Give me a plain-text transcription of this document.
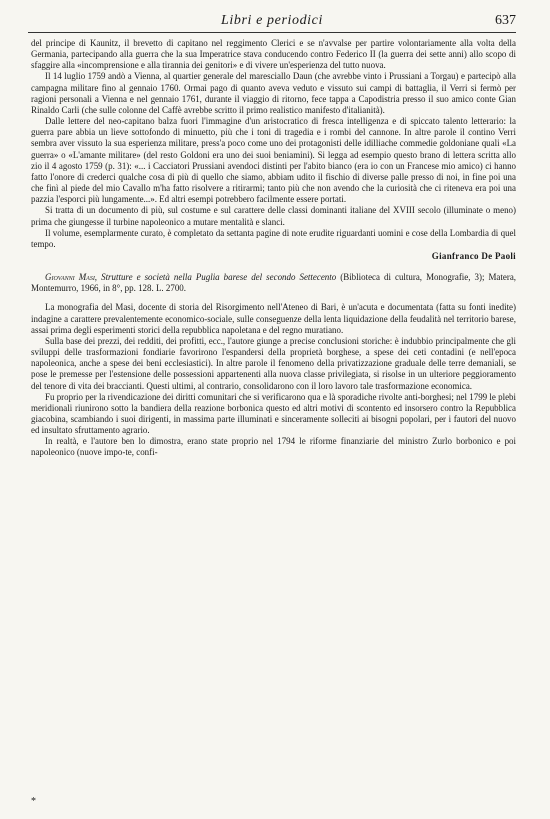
Libri e periodici	637

del principe di Kaunitz, il brevetto di capitano nel reggimento Clerici e se n'avvalse per partire volontariamente alla volta della Germania, partecipando alla guerra che la sua Imperatrice stava conducendo contro Federico II (la guerra dei sette anni) allo scopo di sfaggire alla «incomprensione e alla tirannia dei genitori» e di vivere un'esperienza del tutto nuova.

Il 14 luglio 1759 andò a Vienna, al quartier generale del maresciallo Daun (che avrebbe vinto i Prussiani a Torgau) e partecipò alla campagna militare fino al gennaio 1760. Ormai pago di quanto aveva veduto e vissuto sui campi di battaglia, il Verri si fermò per ragioni personali a Vienna e nel gennaio 1761, durante il viaggio di ritorno, fece tappa a Capodistria presso il suo amico conte Gian Rinaldo Carli (che sulle colonne del Caffè avrebbe scritto il primo realistico manifesto d'italianità).

Dalle lettere del neo-capitano balza fuori l'immagine d'un aristocratico di fresca intelligenza e di spiccato talento letterario: la guerra pare abbia un lieve sottofondo di minuetto, più che i toni di tragedia e i rombi del cannone. In altre parole il contino Verri sembra aver vissuto la sua esperienza militare, press'a poco come uno dei protagonisti delle idilliache commedie goldoniane quali «La guerra» o «L'amante militare» (del resto Goldoni era uno dei suoi beniamini). Si legga ad esempio questo brano di lettera scritta allo zio il 4 agosto 1759 (p. 31): «... i Cacciatori Prussiani avendoci distinti per l'abito bianco (era io con un Francese mio amico) ci hanno fatto l'onore di crederci qualche cosa di più di quello che siamo, abbiam udito il fischio di diverse palle presso di noi, in fine poi una che finì al piede del mio Cavallo m'ha fatto risolvere a ritirarmi; tanto più che non avendo che la curiosità che ci riteneva era poi una pazzia l'esporci più lungamente...». Ed altri esempi potrebbero facilmente essere portati.

Si tratta di un documento di più, sul costume e sul carattere delle classi dominanti italiane del XVIII secolo (illuminate o meno) prima che giungesse il turbine napoleonico a mutare mentalità e slanci.

Il volume, esemplarmente curato, è completato da settanta pagine di note erudite riguardanti uomini e cose della Lombardia di quel tempo.

Gianfranco De Paoli

Giovanni Masi, Strutture e società nella Puglia barese del secondo Settecento (Biblioteca di cultura, Monografie, 3); Matera, Montemurro, 1966, in 8°, pp. 128. L. 2700.

La monografia del Masi, docente di storia del Risorgimento nell'Ateneo di Bari, è un'acuta e documentata (fatta su fonti inedite) indagine a carattere prevalentemente economico-sociale, sulle conseguenze della lenta liquidazione della feudalità nel territorio barese, assai prima degli esperimenti storici della repubblica napoletana e del regno muratiano.

Sulla base dei prezzi, dei redditi, dei profitti, ecc., l'autore giunge a precise conclusioni storiche: è indubbio principalmente che gli sviluppi delle trasformazioni fondiarie favorirono l'espandersi della proprietà borghese, a spese dei ceti contadini (e nell'epoca napoleonica, anche a spese dei beni ecclesiastici). In altre parole il fenomeno della privatizzazione graduale delle terre demaniali, se pose le premesse per l'estensione delle possessioni appartenenti alla nuova classe privilegiata, si risolse in un ulteriore peggioramento del tenore di vita dei braccianti. Questi ultimi, al contrario, consolidarono con il loro lavoro tale trasformazione economica.

Fu proprio per la rivendicazione dei diritti comunitari che si verificarono qua e là sporadiche rivolte anti-borghesi; nel 1799 le plebi meridionali riunirono sotto la bandiera della reazione borbonica questo ed altri motivi di scontento ed insorsero contro la Repubblica giacobina, scambiando i suoi dirigenti, in massima parte illuminati e sinceramente solleciti ai bisogni popolari, per i fautori del nuovo ed insultato sfruttamento agrario.

In realtà, e l'autore ben lo dimostra, erano state proprio nel 1794 le riforme finanziarie del ministro Zurlo borbonico e poi napoleonico (nuove impo-te, confi-

*
